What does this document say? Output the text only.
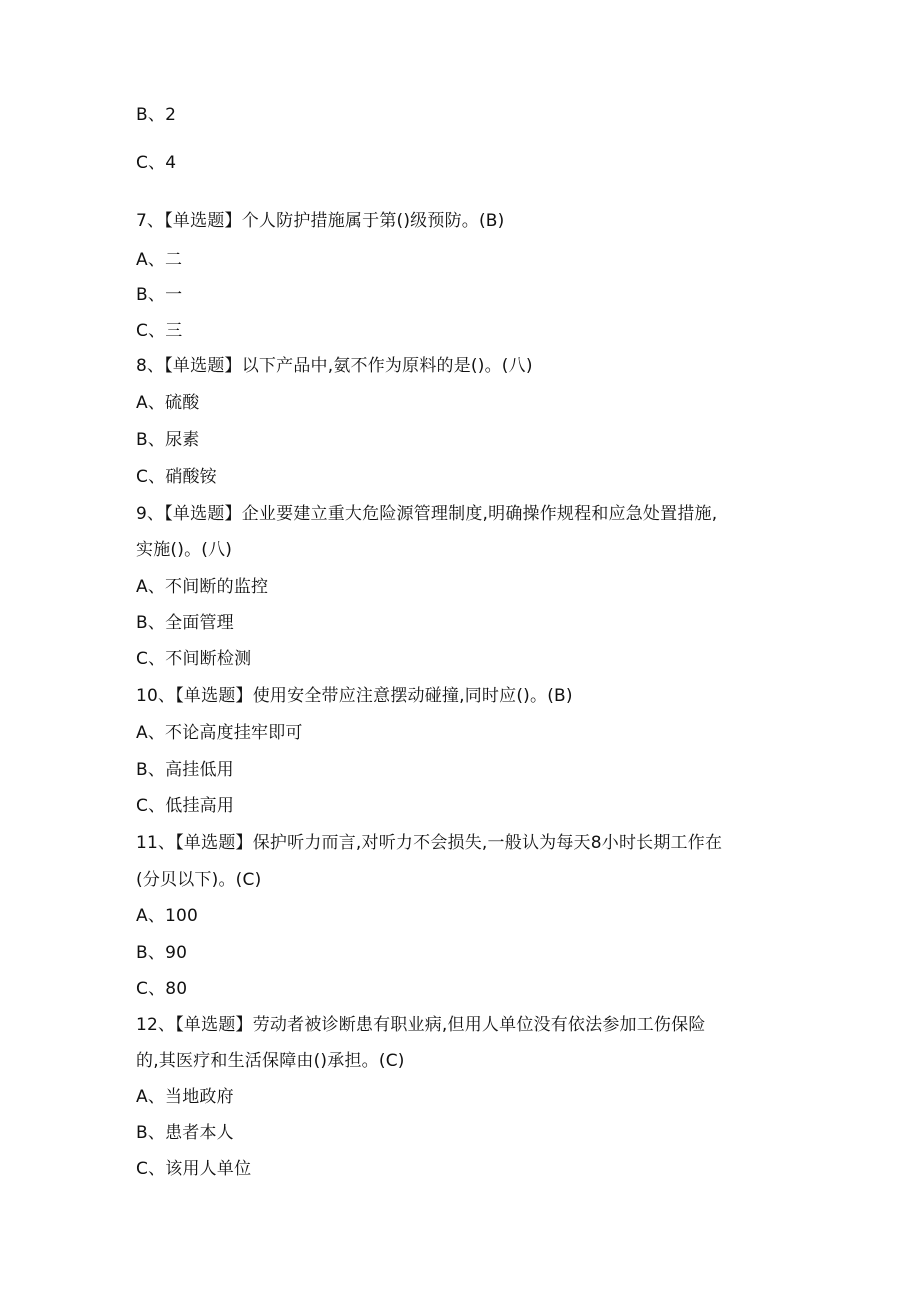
B、2
C、4
7、【单选题】个人防护措施属于第()级预防。(B)
A、二
B、一
C、三
8、【单选题】以下产品中,氨不作为原料的是()。(八)
A、硫酸
B、尿素
C、硝酸铵
9、【单选题】企业要建立重大危险源管理制度,明确操作规程和应急处置措施,
实施()。(八)
A、不间断的监控
B、全面管理
C、不间断检测
10、【单选题】使用安全带应注意摆动碰撞,同时应()。(B)
A、不论高度挂牢即可
B、高挂低用
C、低挂高用
11、【单选题】保护听力而言,对听力不会损失,一般认为每天8小时长期工作在
(分贝以下)。(C)
A、100
B、90
C、80
12、【单选题】劳动者被诊断患有职业病,但用人单位没有依法参加工伤保险
的,其医疗和生活保障由()承担。(C)
A、当地政府
B、患者本人
C、该用人单位
